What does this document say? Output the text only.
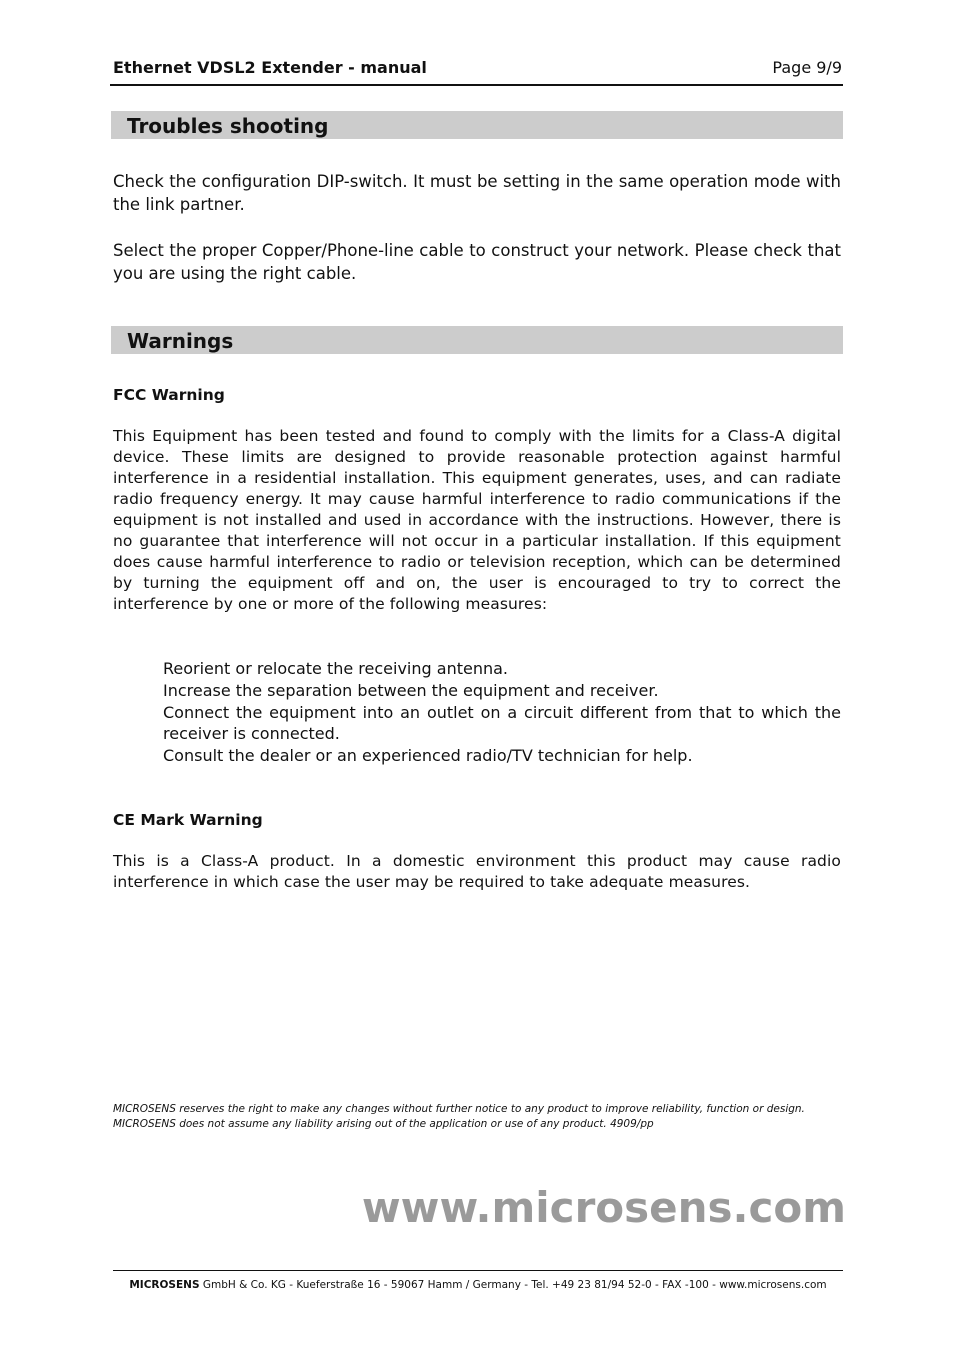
Ethernet VDSL2 Extender - manual	Page 9/9
Troubles shooting

Check the configuration DIP-switch. It must be setting in the same operation mode with the link partner.

Select the proper Copper/Phone-line cable to construct your network. Please check that you are using the right cable.

Warnings
FCC Warning

This Equipment has been tested and found to comply with the limits for a Class-A digital device. These limits are designed to provide reasonable protection against harmful interference in a residential installation. This equipment generates, uses, and can radiate radio frequency energy. It may cause harmful interference to radio communications if the equipment is not installed and used in accordance with the instructions. However, there is no guarantee that interference will not occur in a particular installation. If this equipment does cause harmful interference to radio or television reception, which can be determined by turning the equipment off and on, the user is encouraged to try to correct the interference by one or more of the following measures:

Reorient or relocate the receiving antenna.
Increase the separation between the equipment and receiver.
Connect the equipment into an outlet on a circuit different from that to which the receiver is connected.
Consult the dealer or an experienced radio/TV technician for help.
CE Mark Warning

This is a Class-A product. In a domestic environment this product may cause radio interference in which case the user may be required to take adequate measures.

MICROSENS reserves the right to make any changes without further notice to any product to improve reliability, function or design.
MICROSENS does not assume any liability arising out of the application or use of any product. 4909/pp
www.microsens.com
MICROSENS GmbH & Co. KG - Kueferstraße 16 - 59067 Hamm / Germany - Tel. +49 23 81/94 52-0 - FAX -100 - www.microsens.com
